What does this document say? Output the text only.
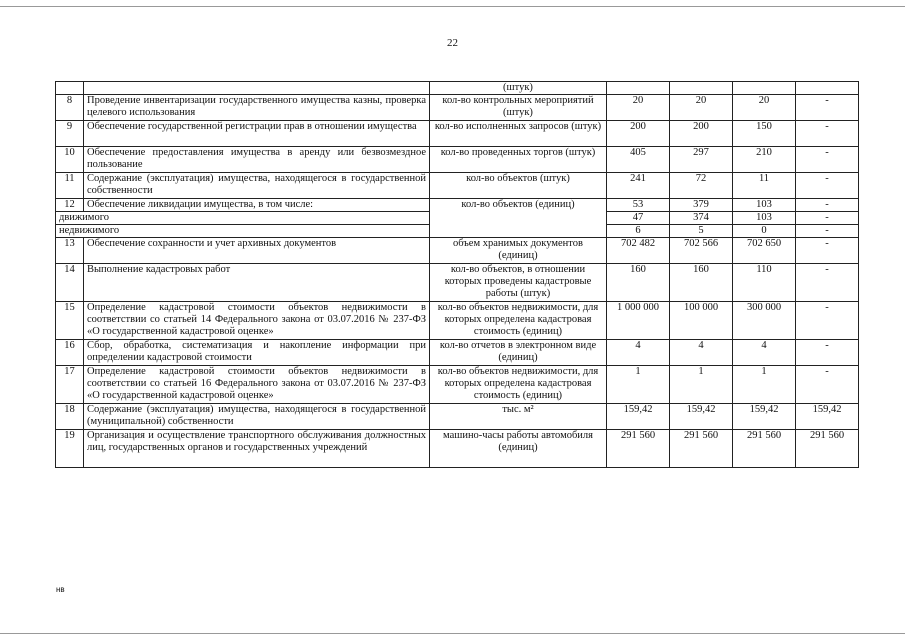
22
		(штук)				
8	Проведение инвентаризации государственного имущества казны, проверка целевого использования	кол-во контрольных мероприятий (штук)	20	20	20	-
9	Обеспечение государственной регистрации прав в отношении имущества	кол-во исполненных запросов (штук)	200	200	150	-
10	Обеспечение предоставления имущества в аренду или безвозмездное пользование	кол-во проведенных торгов (штук)	405	297	210	-
11	Содержание (эксплуатация) имущества, находящегося в государственной собственности	кол-во объектов (штук)	241	72	11	-
12	Обеспечение ликвидации имущества, в том числе:	кол-во объектов (единиц)	53	379	103	-
движимого			47	374	103	-
недвижимого			6	5	0	-
13	Обеспечение сохранности и учет архивных документов	объем хранимых документов (единиц)	702 482	702 566	702 650	-
14	Выполнение кадастровых работ	кол-во объектов, в отношении которых проведены кадастровые работы (штук)	160	160	110	-
15	Определение кадастровой стоимости объектов недвижимости в соответствии со статьей 14 Федерального закона от 03.07.2016 № 237-ФЗ «О государственной кадастровой оценке»	кол-во объектов недвижимости, для которых определена кадастровая стоимость (единиц)	1 000 000	100 000	300 000	-
16	Сбор, обработка, систематизация и накопление информации при определении кадастровой стоимости	кол-во отчетов в электронном виде (единиц)	4	4	4	-
17	Определение кадастровой стоимости объектов недвижимости в соответствии со статьей 16 Федерального закона от 03.07.2016 № 237-ФЗ «О государственной кадастровой оценке»	кол-во объектов недвижимости, для которых определена кадастровая стоимость (единиц)	1	1	1	-
18	Содержание (эксплуатация) имущества, находящегося в государственной (муниципальной) собственности	тыс. м²	159,42	159,42	159,42	159,42
19	Организация и осуществление транспортного обслуживания должностных лиц, государственных органов и государственных учреждений	машино-часы работы автомобиля (единиц)	291 560	291 560	291 560	291 560
нв
